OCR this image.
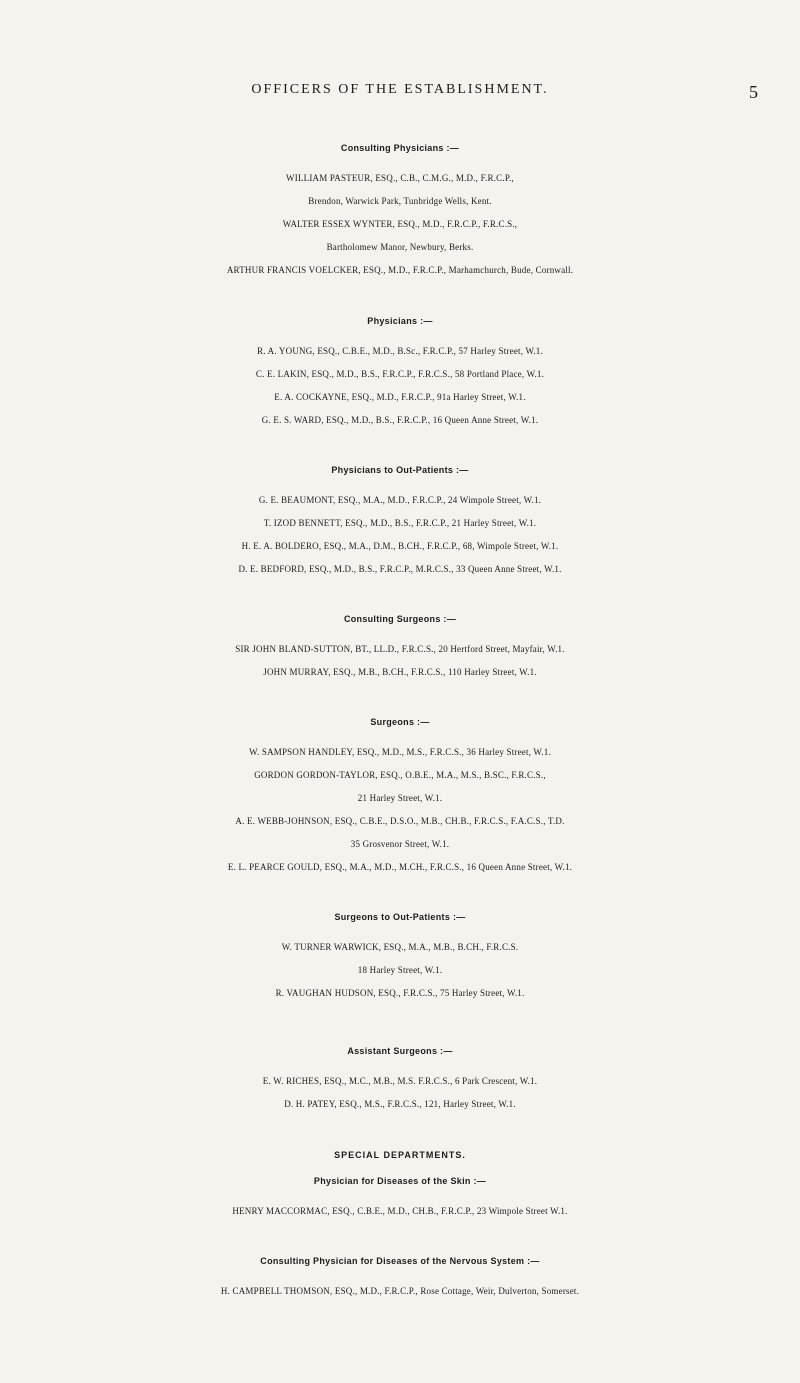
OFFICERS OF THE ESTABLISHMENT.	5
Consulting Physicians :—
WILLIAM PASTEUR, ESQ., C.B., C.M.G., M.D., F.R.C.P.,
Brendon, Warwick Park, Tunbridge Wells, Kent.
WALTER ESSEX WYNTER, ESQ., M.D., F.R.C.P., F.R.C.S.,
Bartholomew Manor, Newbury, Berks.
ARTHUR FRANCIS VOELCKER, ESQ., M.D., F.R.C.P., Marhamchurch, Bude, Cornwall.
Physicians :—
R. A. YOUNG, ESQ., C.B.E., M.D., B.Sc., F.R.C.P., 57 Harley Street, W.1.
C. E. LAKIN, ESQ., M.D., B.S., F.R.C.P., F.R.C.S., 58 Portland Place, W.1.
E. A. COCKAYNE, ESQ., M.D., F.R.C.P., 91a Harley Street, W.1.
G. E. S. WARD, ESQ., M.D., B.S., F.R.C.P., 16 Queen Anne Street, W.1.
Physicians to Out-Patients :—
G. E. BEAUMONT, ESQ., M.A., M.D., F.R.C.P., 24 Wimpole Street, W.1.
T. IZOD BENNETT, ESQ., M.D., B.S., F.R.C.P., 21 Harley Street, W.1.
H. E. A. BOLDERO, ESQ., M.A., D.M., B.CH., F.R.C.P., 68, Wimpole Street, W.1.
D. E. BEDFORD, ESQ., M.D., B.S., F.R.C.P., M.R.C.S., 33 Queen Anne Street, W.1.
Consulting Surgeons :—
SIR JOHN BLAND-SUTTON, BT., LL.D., F.R.C.S., 20 Hertford Street, Mayfair, W.1.
JOHN MURRAY, ESQ., M.B., B.CH., F.R.C.S., 110 Harley Street, W.1.
Surgeons :—
W. SAMPSON HANDLEY, ESQ., M.D., M.S., F.R.C.S., 36 Harley Street, W.1.
GORDON GORDON-TAYLOR, ESQ., O.B.E., M.A., M.S., B.SC., F.R.C.S.,
21 Harley Street, W.1.
A. E. WEBB-JOHNSON, ESQ., C.B.E., D.S.O., M.B., CH.B., F.R.C.S., F.A.C.S., T.D.
35 Grosvenor Street, W.1.
E. L. PEARCE GOULD, ESQ., M.A., M.D., M.CH., F.R.C.S., 16 Queen Anne Street, W.1.
Surgeons to Out-Patients :—
W. TURNER WARWICK, ESQ., M.A., M.B., B.CH., F.R.C.S.
18 Harley Street, W.1.
R. VAUGHAN HUDSON, ESQ., F.R.C.S., 75 Harley Street, W.1.
Assistant Surgeons :—
E. W. RICHES, ESQ., M.C., M.B., M.S. F.R.C.S., 6 Park Crescent, W.1.
D. H. PATEY, ESQ., M.S., F.R.C.S., 121, Harley Street, W.1.
SPECIAL DEPARTMENTS.
Physician for Diseases of the Skin :—
HENRY MACCORMAC, ESQ., C.B.E., M.D., CH.B., F.R.C.P., 23 Wimpole Street W.1.
Consulting Physician for Diseases of the Nervous System :—
H. CAMPBELL THOMSON, ESQ., M.D., F.R.C.P., Rose Cottage, Weir, Dulverton, Somerset.
